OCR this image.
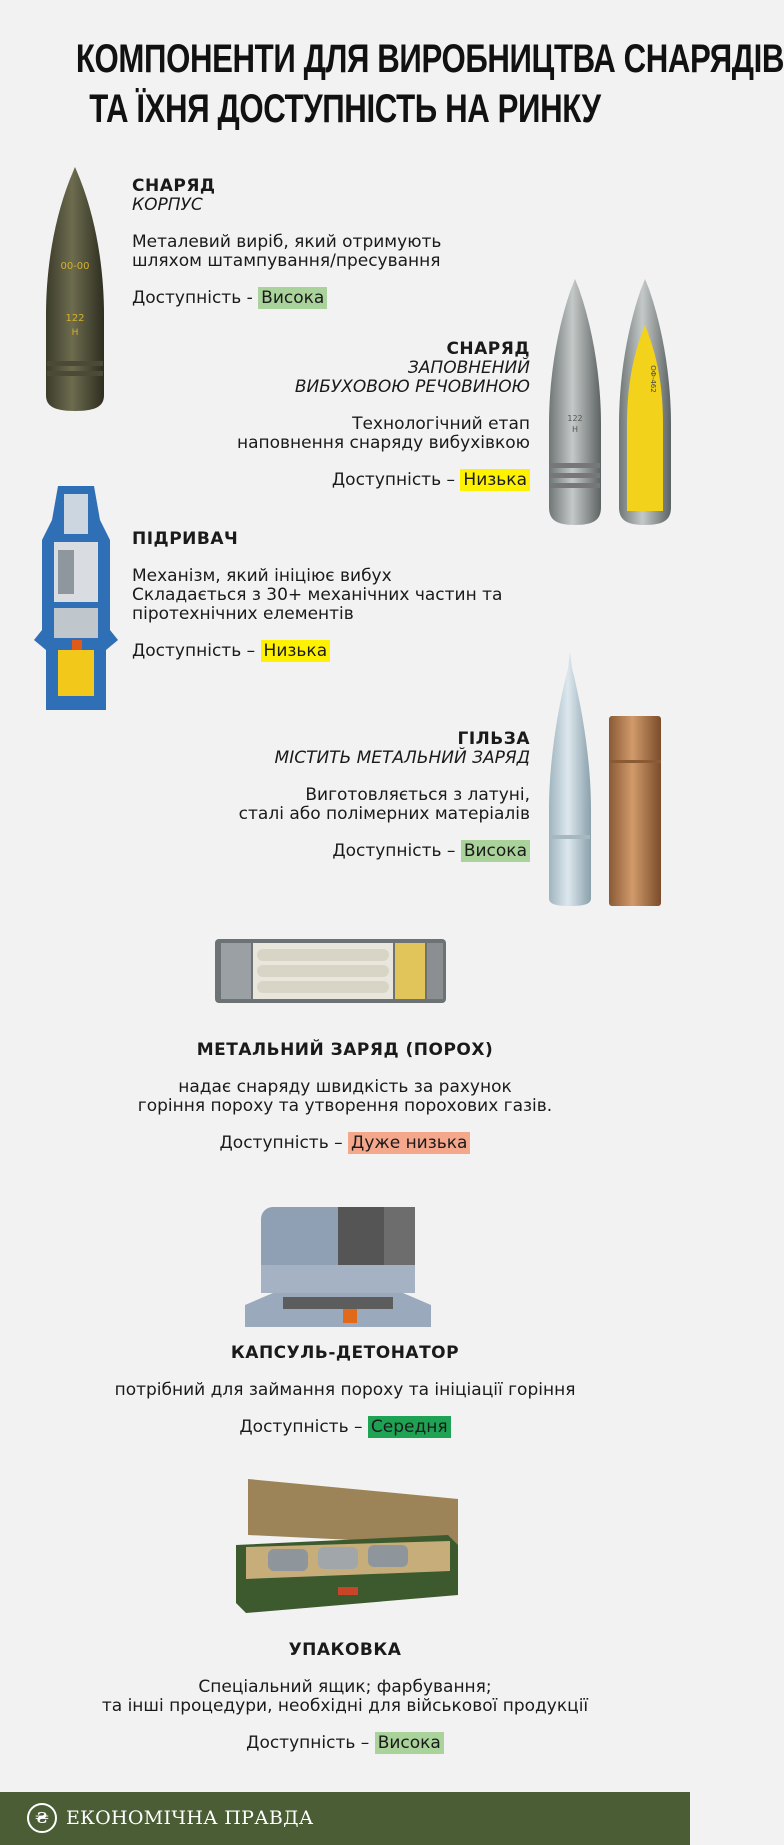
КОМПОНЕНТИ ДЛЯ ВИРОБНИЦТВА СНАРЯДІВ
ТА ЇХНЯ ДОСТУПНІСТЬ НА РИНКУ
00-00
122
Н
СНАРЯД
КОРПУС
Металевий виріб, який отримують
шляхом штампування/пресування
Доступність - Висока
СНАРЯД
ЗАПОВНЕНИЙ
ВИБУХОВОЮ РЕЧОВИНОЮ
Технологічний етап
наповнення снаряду вибухівкою
Доступність – Низька
122
Н
ОФ-462
ПІДРИВАЧ
Механізм, який ініціює вибух
Складається з 30+ механічних частин та
піротехнічних елементів
Доступність – Низька
ГІЛЬЗА
МІСТИТЬ МЕТАЛЬНИЙ ЗАРЯД
Виготовляється з латуні,
сталі або полімерних матеріалів
Доступність – Висока
МЕТАЛЬНИЙ ЗАРЯД (ПОРОХ)
надає снаряду швидкість за рахунок
горіння пороху та утворення порохових газів.
Доступність – Дуже низька
КАПСУЛЬ-ДЕТОНАТОР
потрібний для займання пороху та ініціації горіння
Доступність – Середня
УПАКОВКА
Спеціальний ящик; фарбування;
та інші процедури, необхідні для військової продукції
Доступність – Висока
₴ ЕКОНОМІЧНА ПРАВДА
